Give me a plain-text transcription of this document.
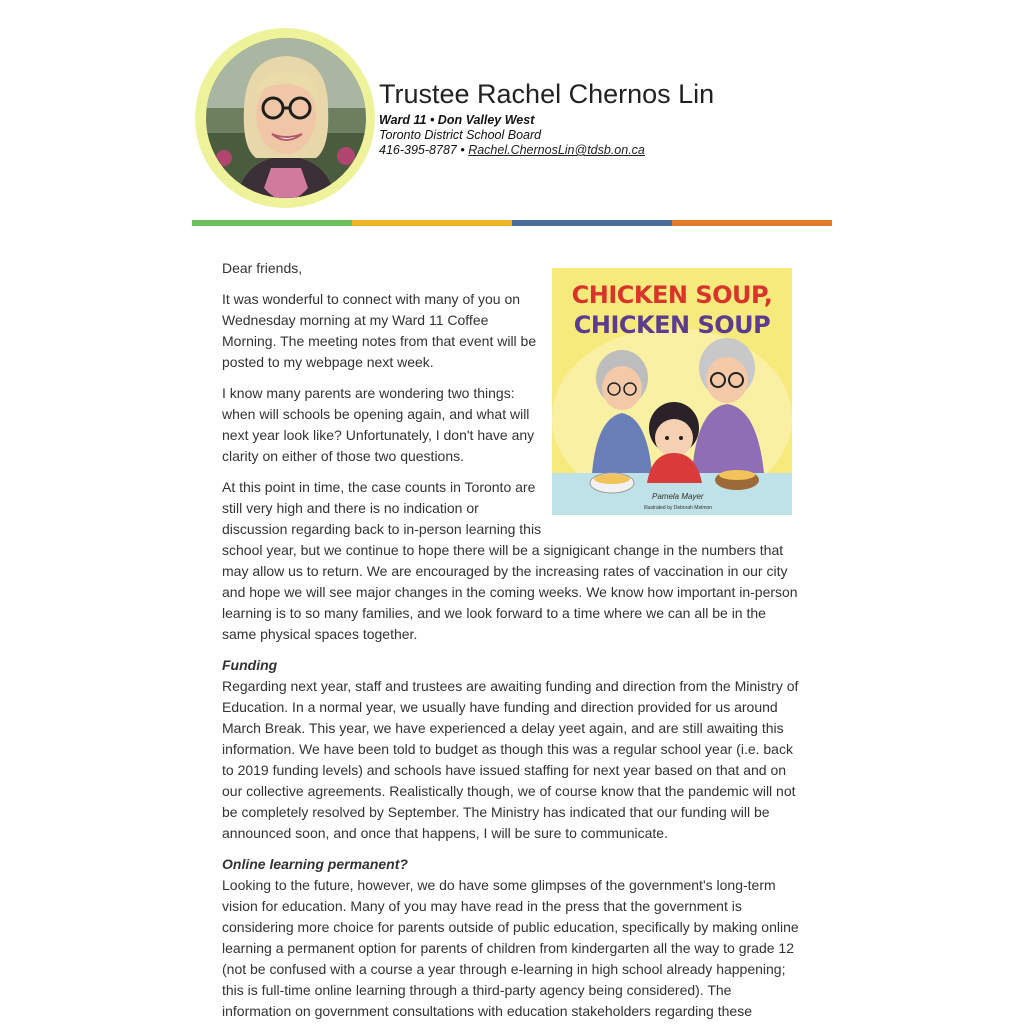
Trustee Rachel Chernos Lin
Ward 11 • Don Valley West
Toronto District School Board
416-395-8787 • Rachel.ChernosLin@tdsb.on.ca
CHICKEN SOUP,
CHICKEN SOUP
Pamela Mayer
Illustrated by Deborah Melmon

Dear friends,

It was wonderful to connect with many of you on Wednesday morning at my Ward 11 Coffee Morning. The meeting notes from that event will be posted to my webpage next week.

I know many parents are wondering two things: when will schools be opening again, and what will next year look like? Unfortunately, I don't have any clarity on either of those two questions.

At this point in time, the case counts in Toronto are still very high and there is no indication or discussion regarding back to in-person learning this school year, but we continue to hope there will be a signigicant change in the numbers that may allow us to return. We are encouraged by the increasing rates of vaccination in our city and hope we will see major changes in the coming weeks. We know how important in-person learning is to so many families, and we look forward to a time where we can all be in the same physical spaces together.

Funding
Regarding next year, staff and trustees are awaiting funding and direction from the Ministry of Education. In a normal year, we usually have funding and direction provided for us around March Break. This year, we have experienced a delay yeet again, and are still awaiting this information. We have been told to budget as though this was a regular school year (i.e. back to 2019 funding levels) and schools have issued staffing for next year based on that and on our collective agreements. Realistically though, we of course know that the pandemic will not be completely resolved by September. The Ministry has indicated that our funding will be announced soon, and once that happens, I will be sure to communicate.

Online learning permanent?
Looking to the future, however, we do have some glimpses of the government's long-term vision for education. Many of you may have read in the press that the government is considering more choice for parents outside of public education, specifically by making online learning a permanent option for parents of children from kindergarten all the way to grade 12 (not be confused with a course a year through e-learning in high school already happening; this is full-time online learning through a third-party agency being considered). The information on government consultations with education stakeholders regarding these
